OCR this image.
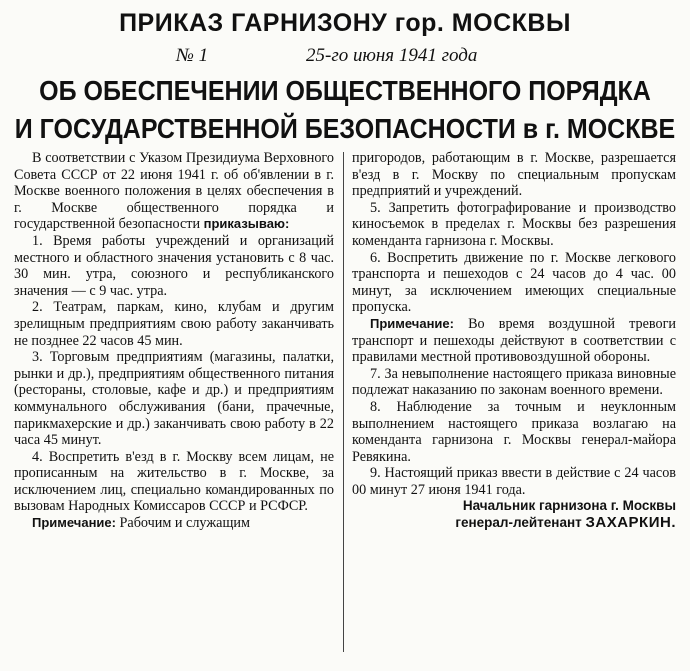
ПРИКАЗ ГАРНИЗОНУ гор. МОСКВЫ
№ 1	25-го июня 1941 года
ОБ ОБЕСПЕЧЕНИИ ОБЩЕСТВЕННОГО ПОРЯДКА
И ГОСУДАРСТВЕННОЙ БЕЗОПАСНОСТИ в г. МОСКВЕ

В соответствии с Указом Президиума Верховного Совета СССР от 22 июня 1941 г. об об'явлении в г. Москве военного положения в целях обеспечения в г. Москве общественного порядка и государственной безопасности приказываю:

1. Время работы учреждений и организаций местного и областного значения установить с 8 час. 30 мин. утра, союзного и республиканского значения — с 9 час. утра.

2. Театрам, паркам, кино, клубам и другим зрелищным предприятиям свою работу заканчивать не позднее 22 часов 45 мин.

3. Торговым предприятиям (магазины, палатки, рынки и др.), предприятиям общественного питания (рестораны, столовые, кафе и др.) и предприятиям коммунального обслуживания (бани, прачечные, парикмахерские и др.) заканчивать свою работу в 22 часа 45 минут.

4. Воспретить в'езд в г. Москву всем лицам, не прописанным на жительство в г. Москве, за исключением лиц, специально командированных по вызовам Народных Комиссаров СССР и РСФСР.

Примечание: Рабочим и служащим

пригородов, работающим в г. Москве, разрешается в'езд в г. Москву по специальным пропускам предприятий и учреждений.

5. Запретить фотографирование и производство киносъемок в пределах г. Москвы без разрешения коменданта гарнизона г. Москвы.

6. Воспретить движение по г. Москве легкового транспорта и пешеходов с 24 часов до 4 час. 00 минут, за исключением имеющих специальные пропуска.

Примечание: Во время воздушной тревоги транспорт и пешеходы действуют в соответствии с правилами местной противовоздушной обороны.

7. За невыполнение настоящего приказа виновные подлежат наказанию по законам военного времени.

8. Наблюдение за точным и неуклонным выполнением настоящего приказа возлагаю на коменданта гарнизона г. Москвы генерал-майора Ревякина.

9. Настоящий приказ ввести в действие с 24 часов 00 минут 27 июня 1941 года.

Начальник гарнизона г. Москвы
генерал-лейтенант ЗАХАРКИН.
